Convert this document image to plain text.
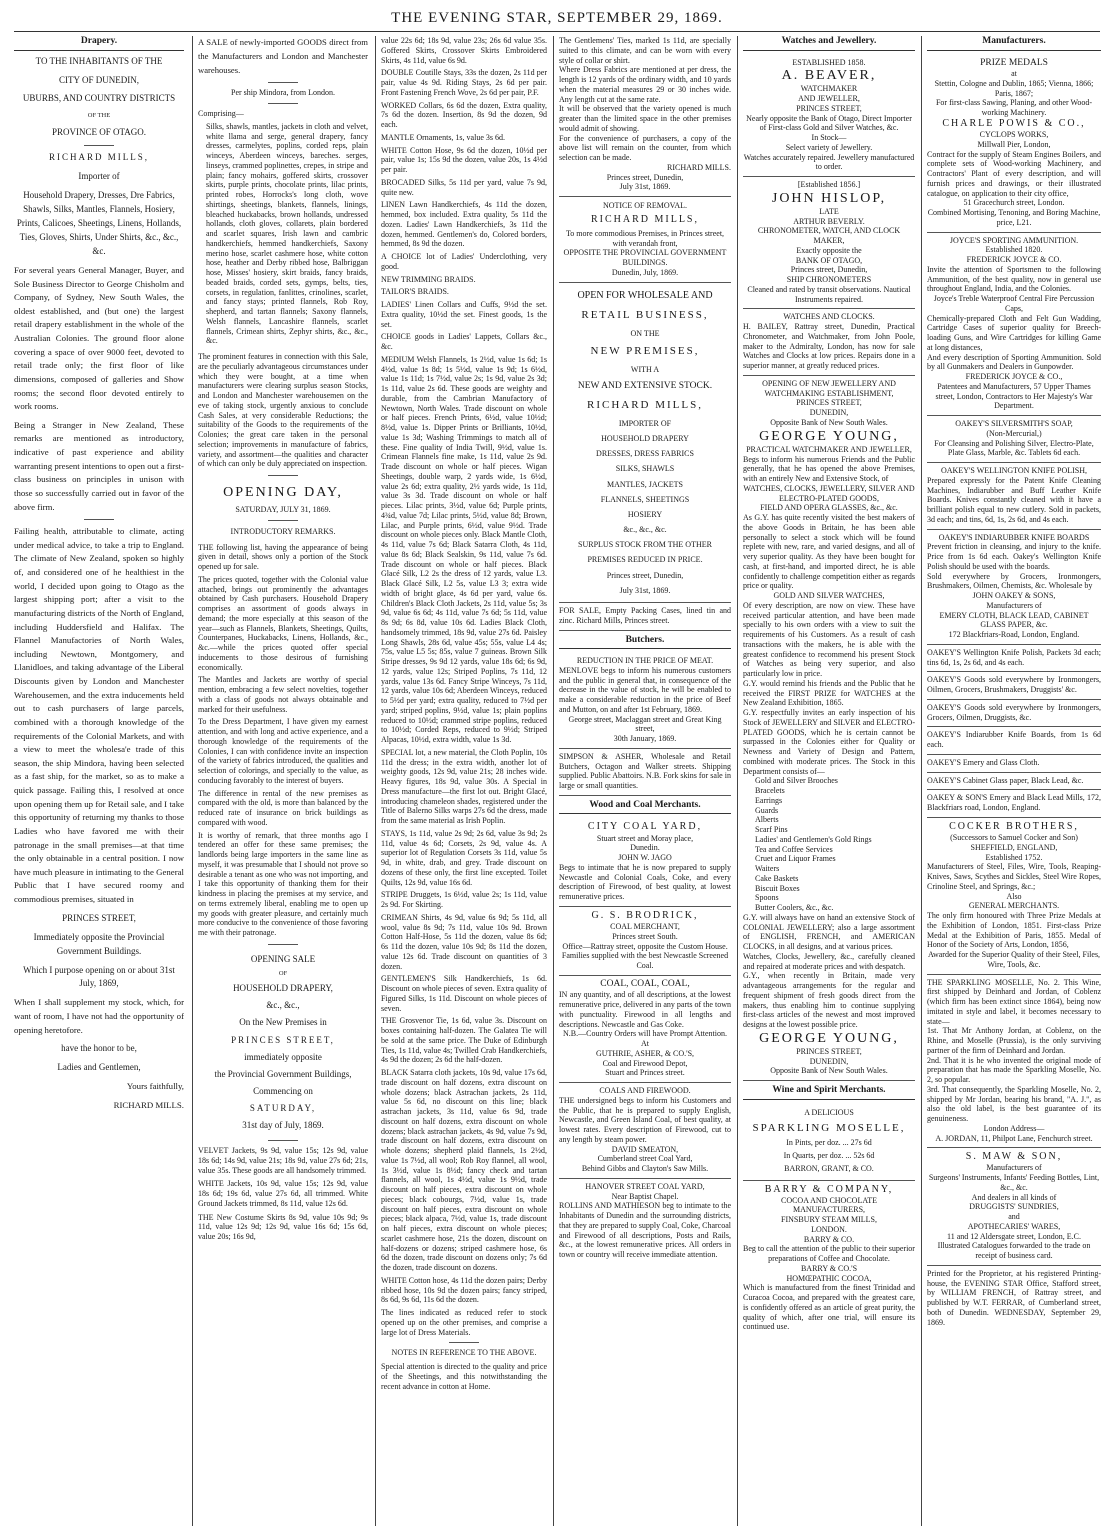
THE EVENING STAR, SEPTEMBER 29, 1869.
Drapery.

TO THE INHABITANTS OF THE

CITY OF DUNEDIN,

UBURBS, AND COUNTRY DISTRICTS

OF THE

PROVINCE OF OTAGO.

RICHARD MILLS,

Importer of

Household Drapery, Dresses, Dre Fabrics, Shawls, Silks, Mantles, Flannels, Hosiery, Prints, Calicoes, Sheetings, Linens, Hollands, Ties, Gloves, Shirts, Under Shirts, &c., &c., &c.

For several years General Manager, Buyer, and Sole Business Director to George Chisholm and Company, of Sydney, New South Wales, the oldest established, and (but one) the largest retail drapery establishment in the whole of the Australian Colonies. The ground floor alone covering a space of over 9000 feet, devoted to retail trade only; the first floor of like dimensions, composed of galleries and Show rooms; the second floor devoted entirely to work rooms.

Being a Stranger in New Zealand, These remarks are mentioned as introductory, indicative of past experience and ability warranting present intentions to open out a first-class business on principles in unison with those so successfully carried out in favor of the above firm.

Failing health, attributable to climate, acting under medical advice, to take a trip to England. The climate of New Zealand, spoken so highly of, and considered one of he healthiest in the world, I decided upon going to Otago as the largest shipping port; after a visit to the manufacturing districts of the North of England, including Huddersfield and Halifax. The Flannel Manufactories of North Wales, including Newtown, Montgomery, and Llanidloes, and taking advantage of the Liberal Discounts given by London and Manchester Warehousemen, and the extra inducements held out to cash purchasers of large parcels, combined with a thorough knowledge of the requirements of the Colonial Markets, and with a view to meet the wholesa'e trade of this season, the ship Mindora, having been selected as a fast ship, for the market, so as to make a quick passage. Failing this, I resolved at once upon opening them up for Retail sale, and I take this opportunity of returning my thanks to those Ladies who have favored me with their patronage in the small premises—at that time the only obtainable in a central position. I now have much pleasure in intimating to the General Public that I have secured roomy and commodious premises, situated in

PRINCES STREET,

Immediately opposite the Provincial Government Buildings.

Which I purpose opening on or about 31st July, 1869,

When I shall supplement my stock, which, for want of room, I have not had the opportunity of opening heretofore.

have the honor to be,

Ladies and Gentlemen,

Yours faithfully,

RICHARD MILLS.

A SALE of newly-imported GOODS direct from the Manufacturers and London and Manchester warehouses.
Per ship Mindora, from London.
Comprising—
Silks, shawls, mantles, jackets in cloth and velvet, white llama and serge, general drapery, fancy dresses, carmelytes, poplins, corded reps, plain winceys, Aberdeen winceys, bareches. serges, linseys, crammed poplinettes, crepes, in stripe and plain; fancy mohairs, goffered skirts, crossover skirts, purple prints, chocolate prints, lilac prints, printed robes, Horrocks's long cloth, wove shirtings, sheetings, blankets, flannels, linings, bleached huckabacks, brown hollands, undressed hollands, cloth gloves, collarets, plain bordered and scarlet squares, Irish lawn and cambric handkerchiefs, hemmed handkerchiefs, Saxony merino hose, scarlet cashmere hose, white cotton hose, heather and Derby ribbed hose, Balbriggan hose, Misses' hosiery, skirt braids, fancy braids, beaded braids, corded sets, gymps, belts, ties, corsets, in regulation, fanlittes, crinolines, scarlet, and fancy stays; printed flannels, Rob Roy, shepherd, and tartan flannels; Saxony flannels, Welsh flannels, Lancashire flannels, scarlet flannels, Crimean shirts, Zephyr shirts, &c., &c., &c.
The prominent features in connection with this Sale, are the peculiarly advantageous circumstances under which they were bought, at a time when manufacturers were clearing surplus season Stocks, and London and Manchester warehousemen on the eve of taking stock, urgently anxious to conclude Cash Sales, at very considerable Reductions; the suitability of the Goods to the requirements of the Colonies; the great care taken in the personal selection; improvements in manufacture of fabrics, variety, and assortment—the qualities and character of which can only be duly appreciated on inspection.
OPENING DAY,
SATURDAY, JULY 31, 1869.
INTRODUCTORY REMARKS.
THE following list, having the appearance of being given in detail, shows only a portion of the Stock opened up for sale.
The prices quoted, together with the Colonial value attached, brings out prominently the advantages obtained by Cash purchasers. Household Drapery comprises an assortment of goods always in demand; the more especially at this season of the year—such as Flannels, Blankets, Sheetings, Quilts, Counterpanes, Huckabacks, Linens, Hollands, &c., &c.—while the prices quoted offer special inducements to those desirous of furnishing economically.
The Mantles and Jackets are worthy of special mention, embracing a few select novelties, together with a class of goods not always obtainable and marked for their usefulness.
To the Dress Department, I have given my earnest attention, and with long and active experience, and a thorough knowledge of the requirements of the Colonies, I can with confidence invite an inspection of the variety of fabrics introduced, the qualities and selection of colorings, and specially to the value, as conducing favorably to the interest of buyers.
The difference in rental of the new premises as compared with the old, is more than balanced by the reduced rate of insurance on brick buildings as compared with wood.
It is worthy of remark, that three months ago I tendered an offer for these same premises; the landlords being large importers in the same line as myself, it was presumable that I should not prove so desirable a tenant as one who was not importing, and I take this opportunity of thanking them for their kindness in placing the premises at my service, and on terms extremely liberal, enabling me to open up my goods with greater pleasure, and certainly much more conducive to the convenience of those favoring me with their patronage.
OPENING SALE
OF
HOUSEHOLD DRAPERY,
&c., &c.,
On the New Premises in
PRINCES STREET,
immediately opposite
the Provincial Government Buildings,
Commencing on
SATURDAY,
31st day of July, 1869.
VELVET Jackets, 9s 9d, value 15s; 12s 9d, value 18s 6d; 14s 9d, value 21s; 18s 9d, value 27s 6d; 21s, value 35s. These goods are all handsomely trimmed.
WHITE Jackets, 10s 9d, value 15s; 12s 9d, value 18s 6d; 19s 6d, value 27s 6d, all trimmed. White Ground Jackets trimmed, 8s 11d, value 12s 6d.
THE New Costume Skirts 8s 9d, value 10s 9d; 9s 11d, value 12s 9d; 12s 9d, value 16s 6d; 15s 6d, value 20s; 16s 9d,
value 22s 6d; 18s 9d, value 23s; 26s 6d value 35s. Goffered Skirts, Crossover Skirts Embroidered Skirts, 4s 11d, value 6s 9d.
DOUBLE Coutille Stays, 33s the dozen, 2s 11d per pair, value 4s 9d. Riding Stays, 2s 6d per pair. Front Fastening French Wove, 2s 6d per pair, P.F.
WORKED Collars, 6s 6d the dozen, Extra quality, 7s 6d the dozen. Insertion, 8s 9d the dozen, 9d each.
MANTLE Ornaments, 1s, value 3s 6d.
WHITE Cotton Hose, 9s 6d the dozen, 10½d per pair, value 1s; 15s 9d the dozen, value 20s, 1s 4½d per pair.
BROCADED Silks, 5s 11d per yard, value 7s 9d, quite new.
LINEN Lawn Handkerchiefs, 4s 11d the dozen, hemmed, box included. Extra quality, 5s 11d the dozen. Ladies' Lawn Handkerchiefs, 3s 11d the dozen, hemmed. Gentlemen's do, Colored borders, hemmed, 8s 9d the dozen.
A CHOICE lot of Ladies' Underclothing, very good.
NEW TRIMMING BRAIDS.
TAILOR'S BRAIDS.
LADIES' Linen Collars and Cuffs, 9½d the set. Extra quality, 10½d the set. Finest goods, 1s the set.
CHOICE goods in Ladies' Lappets, Collars &c., &c.
MEDIUM Welsh Flannels, 1s 2½d, value 1s 6d; 1s 4½d, value 1s 8d; 1s 5½d, value 1s 9d; 1s 6½d, value 1s 11d; 1s 7½d, value 2s; 1s 9d, value 2s 3d; 1s 11d, value 2s 6d. These goods are weighty and durable, from the Cambrian Manufactory of Newtown, North Wales. Trade discount on whole or half pieces. French Prints, 6½d, value 10½d; 8½d, value 1s. Dipper Prints or Brilliants, 10½d, value 1s 3d; Washing Trimmings to match all of these. Fine quality of India Twill, 9½d, value 1s. Crimean Flannels fine make, 1s 11d, value 2s 9d. Trade discount on whole or half pieces. Wigan Sheetings, double warp, 2 yards wide, 1s 6½d, value 2s 6d; extra quality, 2½ yards wide, 1s 11d, value 3s 3d. Trade discount on whole or half pieces. Lilac prints, 3½d, value 6d; Purple prints, 4¾d, value 7d; Lilac prints, 5½d, value 8d; Brown, Lilac, and Purple prints, 6½d, value 9½d. Trade discount on whole pieces only. Black Mantle Cloth, 4s 11d, value 7s 6d; Black Satarra Cloth, 4s 11d, value 8s 6d; Black Sealskin, 9s 11d, value 7s 6d. Trade discount on whole or half pieces. Black Glacé Silk, L2 2s the dress of 12 yards, value L3. Black Glacé Silk, L2 5s, value L3 3; extra wide width of bright glace, 4s 6d per yard, value 6s. Children's Black Cloth Jackets, 2s 11d, value 5s; 3s 9d, value 6s 6d; 4s 11d, value 7s 6d; 5s 11d, value 8s 9d; 6s 8d, value 10s 6d. Ladies Black Cloth, handsomely trimmed, 18s 9d, value 27s 6d. Paisley Long Shawls, 28s 6d, value 45s; 55s, value L4 4s; 75s, value L5 5s; 85s, value 7 guineas. Brown Silk Stripe dresses, 9s 9d 12 yards, value 18s 6d; 6s 9d, 12 yards, value 12s; Striped Poplins, 7s 11d, 12 yards, value 13s 6d. Fancy Stripe Winceys, 7s 11d, 12 yards, value 10s 6d; Aberdeen Winceys, reduced to 5½d per yard; extra quality, reduced to 7½d per yard; striped poplins, 9½d, value 1s; plain poplins reduced to 10½d; crammed stripe poplins, reduced to 10½d; Corded Reps, reduced to 9½d; Striped Alpacas, 10½d, extra width, value 1s 3d.
SPECIAL lot, a new material, the Cloth Poplin, 10s 11d the dress; in the extra width, another lot of weighty goods, 12s 9d, value 21s; 28 inches wide. Heavy figures, 18s 9d, value 30s. A Special in Dress manufacture—the first lot out. Bright Glacé, introducing chameleon shades, registered under the Title of Balerno Silks warps 27s 6d the dress, made from the same material as Irish Poplin.
STAYS, 1s 11d, value 2s 9d; 2s 6d, value 3s 9d; 2s 11d, value 4s 6d; Corsets, 2s 9d, value 4s. A superior lot of Regulation Corsets 3s 11d, value 5s 9d, in white, drab, and grey. Trade discount on dozens of these only, the first line excepted. Toilet Quilts, 12s 9d, value 16s 6d.
STRIPE Druggets, 1s 6½d, value 2s; 1s 11d, value 2s 9d. For Skirting.
CRIMEAN Shirts, 4s 9d, value 6s 9d; 5s 11d, all wool, value 8s 9d; 7s 11d, value 10s 9d. Brown Cotton Half-Hose, 5s 11d the dozen, value 8s 6d; 6s 11d the dozen, value 10s 9d; 8s 11d the dozen, value 12s 6d. Trade discount on quantities of 3 dozen.
GENTLEMEN'S Silk Handkerchiefs, 1s 6d. Discount on whole pieces of seven. Extra quality of Figured Silks, 1s 11d. Discount on whole pieces of seven.
THE Grosvenor Tie, 1s 6d, value 3s. Discount on boxes containing half-dozen. The Galatea Tie will be sold at the same price. The Duke of Edinburgh Ties, 1s 11d, value 4s; Twilled Crab Handkerchiefs, 4s 9d the dozen; 2s 6d the half-dozen.
BLACK Satarra cloth jackets, 10s 9d, value 17s 6d, trade discount on half dozens, extra discount on whole dozens; black Astrachan jackets, 2s 11d, value 5s 6d, no discount on this line; black astrachan jackets, 3s 11d, value 6s 9d, trade discount on half dozens, extra discount on whole dozens; black astrachan jackets, 4s 9d, value 7s 9d, trade discount on half dozens, extra discount on whole dozens; shepherd plaid flannels, 1s 2½d, value 1s 7½d, all wool; Rob Roy flannel, all wool, 1s 3½d, value 1s 8½d; fancy check and tartan flannels, all wool, 1s 4½d, value 1s 9½d, trade discount on half pieces, extra discount on whole pieces; black cobourgs, 7½d, value 1s, trade discount on half pieces, extra discount on whole pieces; black alpaca, 7½d, value 1s, trade discount on half pieces, extra discount on whole pieces; scarlet cashmere hose, 21s the dozen, discount on half-dozens or dozens; striped cashmere hose, 6s 6d the dozen, trade discount on dozens only; 7s 6d the dozen, trade discount on dozens.
WHITE Cotton hose, 4s 11d the dozen pairs; Derby ribbed hose, 10s 9d the dozen pairs; fancy striped, 8s 6d, 9s 6d, 11s 6d the dozen.
The lines indicated as reduced refer to stock opened up on the other premises, and comprise a large lot of Dress Materials.
NOTES IN REFERENCE TO THE ABOVE.
Special attention is directed to the quality and price of the Sheetings, and this notwithstanding the recent advance in cotton at Home.
The Gentlemens' Ties, marked 1s 11d, are specially suited to this climate, and can be worn with every style of collar or shirt.
Where Dress Fabrics are mentioned at per dress, the length is 12 yards of the ordinary width, and 10 yards when the material measures 29 or 30 inches wide. Any length cut at the same rate.
It will be observed that the variety opened is much greater than the limited space in the other premises would admit of showing.
For the convenience of purchasers, a copy of the above list will remain on the counter, from which selection can be made.
RICHARD MILLS.
Princes street, Dunedin,
July 31st, 1869.
NOTICE OF REMOVAL.
RICHARD MILLS,
To more commodious Premises, in Princes street, with verandah front,
OPPOSITE THE PROVINCIAL GOVERNMENT BUILDINGS.
Dunedin, July, 1869.
OPEN FOR WHOLESALE AND
RETAIL BUSINESS,
ON THE
NEW PREMISES,
WITH A
NEW AND EXTENSIVE STOCK.
RICHARD MILLS,
IMPORTER OF
HOUSEHOLD DRAPERY
DRESSES, DRESS FABRICS
SILKS, SHAWLS
MANTLES, JACKETS
FLANNELS, SHEETINGS
HOSIERY
&c., &c., &c.
SURPLUS STOCK FROM THE OTHER PREMISES REDUCED IN PRICE.
Princes street, Dunedin,
July 31st, 1869.
FOR SALE, Empty Packing Cases, lined tin and zinc. Richard Mills, Princes street.
Butchers.
REDUCTION IN THE PRICE OF MEAT.
MENLOVE begs to inform his numerous customers and the public in general that, in consequence of the decrease in the value of stock, he will be enabled to make a considerable reduction in the price of Beef and Mutton, on and after 1st February, 1869.
George street, Maclaggan street and Great King street,
30th January, 1869.
SIMPSON & ASHER, Wholesale and Retail Butchers, Octagon and Walker streets. Shipping supplied. Public Abattoirs. N.B. Fork skins for sale in large or small quantities.
Wood and Coal Merchants.
CITY COAL YARD,
Stuart street and Moray place,
Dunedin.
JOHN W. JAGO
Begs to intimate that he is now prepared to supply Newcastle and Colonial Coals, Coke, and every description of Firewood, of best quality, at lowest remunerative prices.
G. S. BRODRICK,
COAL MERCHANT,
Princes street South.
Office—Rattray street, opposite the Custom House.
Families supplied with the best Newcastle Screened Coal.
COAL, COAL, COAL,
IN any quantity, and of all descriptions, at the lowest remunerative price, delivered in any parts of the town with punctuality. Firewood in all lengths and descriptions. Newcastle and Gas Coke.
N.B.—Country Orders will have Prompt Attention.
At
GUTHRIE, ASHER, & CO.'S,
Coal and Firewood Depot,
Stuart and Princes street.
COALS AND FIREWOOD.
THE undersigned begs to inform his Customers and the Public, that he is prepared to supply English, Newcastle, and Green Island Coal, of best quality, at lowest rates. Every description of Firewood, cut to any length by steam power.
DAVID SMEATON,
Cumberland street Coal Yard,
Behind Gibbs and Clayton's Saw Mills.
HANOVER STREET COAL YARD,
Near Baptist Chapel.
ROLLINS AND MATHIESON beg to intimate to the Inhabitants of Dunedin and the surrounding districts, that they are prepared to supply Coal, Coke, Charcoal and Firewood of all descriptions, Posts and Rails, &c., at the lowest remunerative prices. All orders in town or country will receive immediate attention.
Watches and Jewellery.
ESTABLISHED 1858.
A. BEAVER,
WATCHMAKER
AND JEWELLER,
PRINCES STREET,
Nearly opposite the Bank of Otago, Direct Importer of First-class Gold and Silver Watches, &c.
In Stock—
Select variety of Jewellery.
Watches accurately repaired. Jewellery manufactured to order.
[Established 1856.]
JOHN HISLOP,
LATE
ARTHUR BEVERLY.
CHRONOMETER, WATCH, AND CLOCK MAKER,
Exactly opposite the
BANK OF OTAGO,
Princes street, Dunedin,
SHIP CHRONOMETERS
Cleaned and rated by transit observations. Nautical Instruments repaired.
WATCHES AND CLOCKS.
H. BAILEY, Rattray street, Dunedin, Practical Chronometer, and Watchmaker, from John Poole, maker to the Admiralty, London, has now for sale Watches and Clocks at low prices. Repairs done in a superior manner, at greatly reduced prices.
OPENING OF NEW JEWELLERY AND WATCHMAKING ESTABLISHMENT,
PRINCES STREET,
DUNEDIN,
Opposite Bank of New South Wales.
GEORGE YOUNG,
PRACTICAL WATCHMAKER AND JEWELLER,
Begs to inform his numerous Friends and the Public generally, that he has opened the above Premises, with an entirely New and Extensive Stock, of
WATCHES, CLOCKS, JEWELLERY, SILVER AND ELECTRO-PLATED GOODS,
FIELD AND OPERA GLASSES, &c., &c.
As G.Y. has quite recently visited the best makers of the above Goods in Britain, he has been able personally to select a stock which will be found replete with new, rare, and varied designs, and all of very superior quality. As they have been bought for cash, at first-hand, and imported direct, he is able confidently to challenge competition either as regards price or quality.
GOLD AND SILVER WATCHES,
Of every description, are now on view. These have received particular attention, and have been made specially to his own orders with a view to suit the requirements of his Customers. As a result of cash transactions with the makers, he is able with the greatest confidence to recommend his present Stock of Watches as being very superior, and also particularly low in price.
G.Y. would remind his friends and the Public that he received the FIRST PRIZE for WATCHES at the New Zealand Exhibition, 1865.
G.Y. respectfully invites an early inspection of his Stock of JEWELLERY and SILVER and ELECTRO-PLATED GOODS, which he is certain cannot be surpassed in the Colonies either for Quality or Newness and Variety of Design and Pattern, combined with moderate prices. The Stock in this Department consists of—
Gold and Silver Brooches
Bracelets
Earrings
Guards
Alberts
Scarf Pins
Ladies' and Gentlemen's Gold Rings
Tea and Coffee Services
Cruet and Liquor Frames
Waiters
Cake Baskets
Biscuit Boxes
Spoons
Butter Coolers, &c., &c.
G.Y. will always have on hand an extensive Stock of COLONIAL JEWELLERY; also a large assortment of ENGLISH, FRENCH, and AMERICAN CLOCKS, in all designs, and at various prices.
Watches, Clocks, Jewellery, &c., carefully cleaned and repaired at moderate prices and with despatch.
G.Y., when recently in Britain, made very advantageous arrangements for the regular and frequent shipment of fresh goods direct from the makers, thus enabling him to continue supplying first-class articles of the newest and most improved designs at the lowest possible price.
GEORGE YOUNG,
PRINCES STREET,
DUNEDIN,
Opposite Bank of New South Wales.
Wine and Spirit Merchants.
A DELICIOUS
SPARKLING MOSELLE,
In Pints, per doz. ... 27s 6d
In Quarts, per doz. ... 52s 6d
BARRON, GRANT, & CO.
BARRY & COMPANY,
COCOA AND CHOCOLATE
MANUFACTURERS,
FINSBURY STEAM MILLS,
LONDON.
BARRY & CO.
Beg to call the attention of the public to their superior preparations of Coffee and Chocolate.
BARRY & CO.'S
HOMŒPATHIC COCOA,
Which is manufactured from the finest Trinidad and Curacoa Cocoa, and prepared with the greatest care, is confidently offered as an article of great purity, the quality of which, after one trial, will ensure its continued use.
Manufacturers.
PRIZE MEDALS
at
Stettin, Cologne and Dublin, 1865; Vienna, 1866; Paris, 1867;
For first-class Sawing, Planing, and other Wood-working Machinery.
CHARLE POWIS & CO.,
CYCLOPS WORKS,
Millwall Pier, London,
Contract for the supply of Steam Engines Boilers, and complete sets of Wood-working Machinery, and Contractors' Plant of every description, and will furnish prices and drawings, or their illustrated catalogue, on application to their city office,
51 Gracechurch street, London.
Combined Mortising, Tenoning, and Boring Machine, price, L21.
JOYCE'S SPORTING AMMUNITION.
Established 1820.
FREDERICK JOYCE & CO.
Invite the attention of Sportsmen to the following Ammunition, of the best quality, now in general use throughout England, India, and the Colonies.
Joyce's Treble Waterproof Central Fire Percussion Caps,
Chemically-prepared Cloth and Felt Gun Wadding, Cartridge Cases of superior quality for Breech-loading Guns, and Wire Cartridges for killing Game at long distances,
And every description of Sporting Ammunition. Sold by all Gunmakers and Dealers in Gunpowder.
FREDERICK JOYCE & CO.,
Patentees and Manufacturers, 57 Upper Thames street, London, Contractors to Her Majesty's War Department.
OAKEY'S SILVERSMITH'S SOAP,
(Non-Mercurial,)
For Cleansing and Polishing Silver, Electro-Plate, Plate Glass, Marble, &c. Tablets 6d each.
OAKEY'S WELLINGTON KNIFE POLISH,
Prepared expressly for the Patent Knife Cleaning Machines, Indiarubber and Buff Leather Knife Boards. Knives constantly cleaned with it have a brilliant polish equal to new cutlery. Sold in packets, 3d each; and tins, 6d, 1s, 2s 6d, and 4s each.
OAKEY'S INDIARUBBER KNIFE BOARDS
Prevent friction in cleansing, and injury to the knife. Price from 1s 6d each. Oakey's Wellington Knife Polish should be used with the boards.
Sold everywhere by Grocers, Ironmongers, Brushmakers, Oilmen, Chemists, &c. Wholesale by
JOHN OAKEY & SONS,
Manufacturers of
EMERY CLOTH, BLACK LEAD, CABINET GLASS PAPER, &c.
172 Blackfriars-Road, London, England.
OAKEY'S Wellington Knife Polish, Packets 3d each; tins 6d, 1s, 2s 6d, and 4s each.
OAKEY'S Goods sold everywhere by Ironmongers, Oilmen, Grocers, Brushmakers, Druggists' &c.
OAKEY'S Goods sold everywhere by Ironmongers, Grocers, Oilmen, Druggists, &c.
OAKEY'S Indiarubber Knife Boards, from 1s 6d each.
OAKEY'S Emery and Glass Cloth.
OAKEY'S Cabinet Glass paper, Black Lead, &c.
OAKEY & SON'S Emery and Black Lead Mills, 172, Blackfriars road, London, England.
COCKER BROTHERS,
(Successors to Samuel Cocker and Son)
SHEFFIELD, ENGLAND,
Established 1752.
Manufacturers of Steel, Files, Wire, Tools, Reaping-Knives, Saws, Scythes and Sickles, Steel Wire Ropes, Crinoline Steel, and Springs, &c.;
Also
GENERAL MERCHANTS.
The only firm honoured with Three Prize Medals at the Exhibition of London, 1851. First-class Prize Medal at the Exhibition of Paris, 1855. Medal of Honor of the Society of Arts, London, 1856,
Awarded for the Superior Quality of their Steel, Files, Wire, Tools, &c.
THE SPARKLING MOSELLE, No. 2. This Wine, first shipped by Deinhard and Jordan, of Coblenz (which firm has been extinct since 1864), being now imitated in style and label, it becomes necessary to state—
1st. That Mr Anthony Jordan, at Coblenz, on the Rhine, and Moselle (Prussia), is the only surviving partner of the firm of Deinhard and Jordan.
2nd. That it is he who invented the original mode of preparation that has made the Sparkling Moselle, No. 2, so popular.
3rd. That consequently, the Sparkling Moselle, No. 2, shipped by Mr Jordan, bearing his brand, "A. J.", as also the old label, is the best guarantee of its genuineness.
London Address—
A. JORDAN, 11, Philpot Lane, Fenchurch street.
S. MAW & SON,
Manufacturers of
Surgeons' Instruments, Infants' Feeding Bottles, Lint, &c., &c.
And dealers in all kinds of
DRUGGISTS' SUNDRIES,
and
APOTHECARIES' WARES,
11 and 12 Aldersgate street, London, E.C.
Illustrated Catalogues forwarded to the trade on receipt of business card.
Printed for the Proprietor, at his registered Printing-house, the EVENING STAR Office, Stafford street, by WILLIAM FRENCH, of Rattray street, and published by W.T. FERRAR, of Cumberland street, both of Dunedin. WEDNESDAY, September 29, 1869.
